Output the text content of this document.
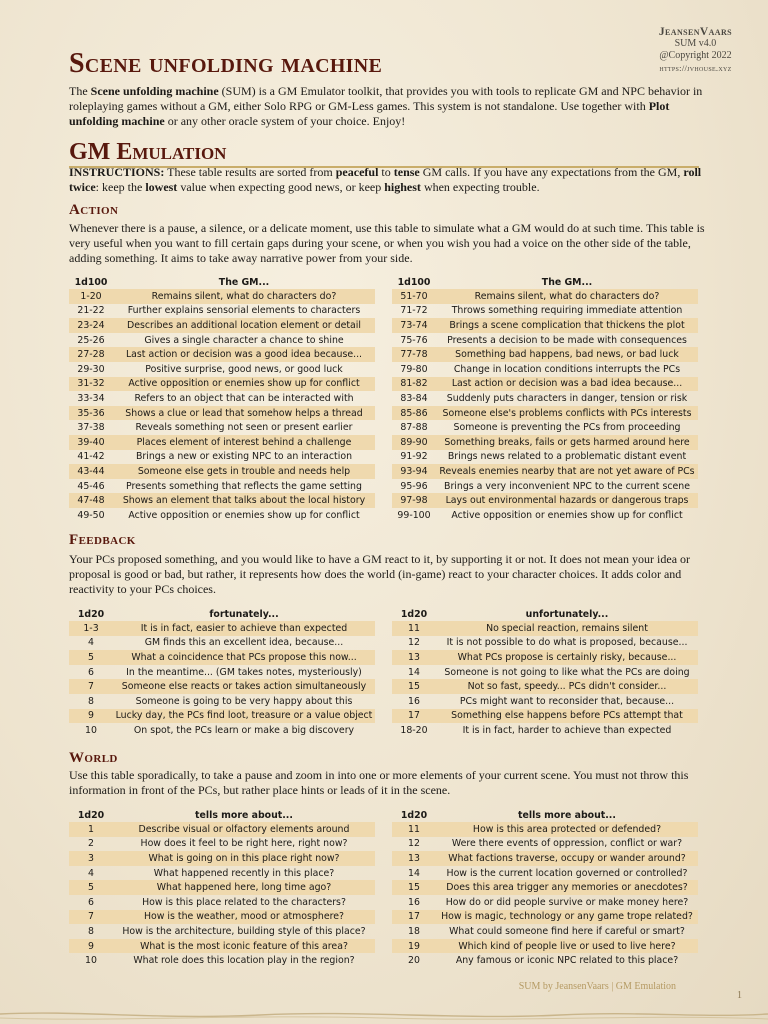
JeansenVaars
SUM v4.0
@Copyright 2022
https://jvhouse.xyz
Scene unfolding machine

The Scene unfolding machine (SUM) is a GM Emulator toolkit, that provides you with tools to replicate GM and NPC behavior in roleplaying games without a GM, either Solo RPG or GM-Less games. This system is not standalone. Use together with Plot unfolding machine or any other oracle system of your choice. Enjoy!

GM Emulation

INSTRUCTIONS: These table results are sorted from peaceful to tense GM calls. If you have any expectations from the GM, roll twice: keep the lowest value when expecting good news, or keep highest when expecting trouble.

Action

Whenever there is a pause, a silence, or a delicate moment, use this table to simulate what a GM would do at such time. This table is very useful when you want to fill certain gaps during your scene, or when you wish you had a voice on the other side of the table, adding something. It aims to take away narrative power from your side.

1d100	The GM...
1-20	Remains silent, what do characters do?
21-22	Further explains sensorial elements to characters
23-24	Describes an additional location element or detail
25-26	Gives a single character a chance to shine
27-28	Last action or decision was a good idea because...
29-30	Positive surprise, good news, or good luck
31-32	Active opposition or enemies show up for conflict
33-34	Refers to an object that can be interacted with
35-36	Shows a clue or lead that somehow helps a thread
37-38	Reveals something not seen or present earlier
39-40	Places element of interest behind a challenge
41-42	Brings a new or existing NPC to an interaction
43-44	Someone else gets in trouble and needs help
45-46	Presents something that reflects the game setting
47-48	Shows an element that talks about the local history
49-50	Active opposition or enemies show up for conflict
1d100	The GM...
51-70	Remains silent, what do characters do?
71-72	Throws something requiring immediate attention
73-74	Brings a scene complication that thickens the plot
75-76	Presents a decision to be made with consequences
77-78	Something bad happens, bad news, or bad luck
79-80	Change in location conditions interrupts the PCs
81-82	Last action or decision was a bad idea because...
83-84	Suddenly puts characters in danger, tension or risk
85-86	Someone else's problems conflicts with PCs interests
87-88	Someone is preventing the PCs from proceeding
89-90	Something breaks, fails or gets harmed around here
91-92	Brings news related to a problematic distant event
93-94	Reveals enemies nearby that are not yet aware of PCs
95-96	Brings a very inconvenient NPC to the current scene
97-98	Lays out environmental hazards or dangerous traps
99-100	Active opposition or enemies show up for conflict
Feedback

Your PCs proposed something, and you would like to have a GM react to it, by supporting it or not. It does not mean your idea or proposal is good or bad, but rather, it represents how does the world (in-game) react to your character choices. It adds color and reactivity to your PCs choices.

1d20	fortunately...
1-3	It is in fact, easier to achieve than expected
4	GM finds this an excellent idea, because...
5	What a coincidence that PCs propose this now...
6	In the meantime... (GM takes notes, mysteriously)
7	Someone else reacts or takes action simultaneously
8	Someone is going to be very happy about this
9	Lucky day, the PCs find loot, treasure or a value object
10	On spot, the PCs learn or make a big discovery
1d20	unfortunately...
11	No special reaction, remains silent
12	It is not possible to do what is proposed, because...
13	What PCs propose is certainly risky, because...
14	Someone is not going to like what the PCs are doing
15	Not so fast, speedy... PCs didn't consider...
16	PCs might want to reconsider that, because...
17	Something else happens before PCs attempt that
18-20	It is in fact, harder to achieve than expected
World

Use this table sporadically, to take a pause and zoom in into one or more elements of your current scene. You must not throw this information in front of the PCs, but rather place hints or leads of it in the scene.

1d20	tells more about...
1	Describe visual or olfactory elements around
2	How does it feel to be right here, right now?
3	What is going on in this place right now?
4	What happened recently in this place?
5	What happened here, long time ago?
6	How is this place related to the characters?
7	How is the weather, mood or atmosphere?
8	How is the architecture, building style of this place?
9	What is the most iconic feature of this area?
10	What role does this location play in the region?
1d20	tells more about...
11	How is this area protected or defended?
12	Were there events of oppression, conflict or war?
13	What factions traverse, occupy or wander around?
14	How is the current location governed or controlled?
15	Does this area trigger any memories or anecdotes?
16	How do or did people survive or make money here?
17	How is magic, technology or any game trope related?
18	What could someone find here if careful or smart?
19	Which kind of people live or used to live here?
20	Any famous or iconic NPC related to this place?
SUM by JeansenVaars | GM Emulation
1
